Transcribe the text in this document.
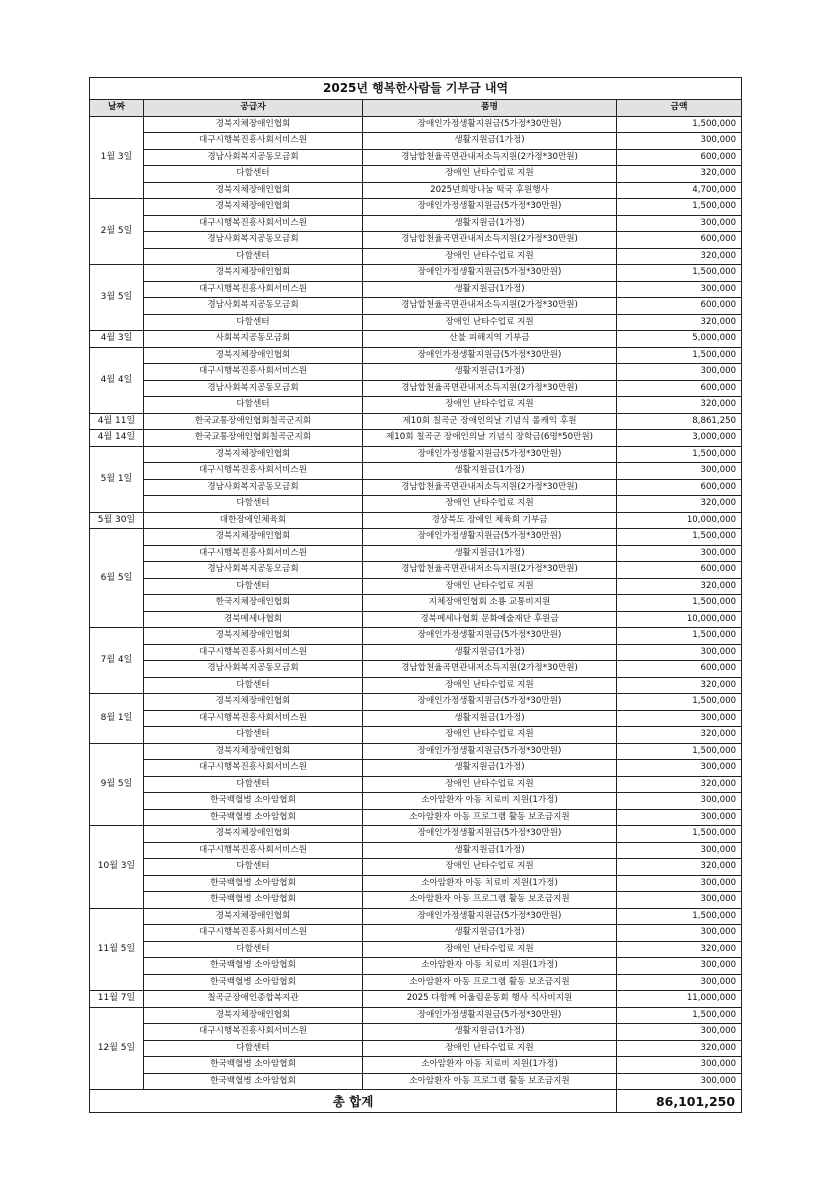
2025년 행복한사람들 기부금 내역			
날짜	공급자	품명	금액
1월 3일	경북지체장애인협회	장애인가정생활지원금(5가정*30만원)	1,500,000
	대구시행복진흥사회서비스원	생활지원금(1가정)	300,000
	경남사회복지공동모금회	경남합천율곡면관내저소득지원(2가정*30만원)	600,000
	다함센터	장애인 난타수업료 지원	320,000
	경북지체장애인협회	2025년희망나눔 떡국 후원행사	4,700,000
2월 5일	경북지체장애인협회	장애인가정생활지원금(5가정*30만원)	1,500,000
	대구시행복진흥사회서비스원	생활지원금(1가정)	300,000
	경남사회복지공동모금회	경남합천율곡면관내저소득지원(2가정*30만원)	600,000
	다함센터	장애인 난타수업료 지원	320,000
3월 5일	경북지체장애인협회	장애인가정생활지원금(5가정*30만원)	1,500,000
	대구시행복진흥사회서비스원	생활지원금(1가정)	300,000
	경남사회복지공동모금회	경남합천율곡면관내저소득지원(2가정*30만원)	600,000
	다함센터	장애인 난타수업료 지원	320,000
4월 3일	사회복지공동모금회	산불 피해지역 기부금	5,000,000
4월 4일	경북지체장애인협회	장애인가정생활지원금(5가정*30만원)	1,500,000
	대구시행복진흥사회서비스원	생활지원금(1가정)	300,000
	경남사회복지공동모금회	경남합천율곡면관내저소득지원(2가정*30만원)	600,000
	다함센터	장애인 난타수업료 지원	320,000
4월 11일	한국교통장애인협회칠곡군지회	제10회 칠곡군 장애인의날 기념식 롤케익 후원	8,861,250
4월 14일	한국교통장애인협회칠곡군지회	제10회 칠곡군 장애인의날 기념식 장학금(6명*50만원)	3,000,000
5월 1일	경북지체장애인협회	장애인가정생활지원금(5가정*30만원)	1,500,000
	대구시행복진흥사회서비스원	생활지원금(1가정)	300,000
	경남사회복지공동모금회	경남합천율곡면관내저소득지원(2가정*30만원)	600,000
	다함센터	장애인 난타수업료 지원	320,000
5월 30일	대한장애인체육회	경상북도 장애인 체육회 기부금	10,000,000
6월 5일	경북지체장애인협회	장애인가정생활지원금(5가정*30만원)	1,500,000
	대구시행복진흥사회서비스원	생활지원금(1가정)	300,000
	경남사회복지공동모금회	경남합천율곡면관내저소득지원(2가정*30만원)	600,000
	다함센터	장애인 난타수업료 지원	320,000
	한국지체장애인협회	지체장애인협회 소룡 교통비지원	1,500,000
	경북메세나협회	경북메세나협회 문화예술재단 후원금	10,000,000
7월 4일	경북지체장애인협회	장애인가정생활지원금(5가정*30만원)	1,500,000
	대구시행복진흥사회서비스원	생활지원금(1가정)	300,000
	경남사회복지공동모금회	경남합천율곡면관내저소득지원(2가정*30만원)	600,000
	다함센터	장애인 난타수업료 지원	320,000
8월 1일	경북지체장애인협회	장애인가정생활지원금(5가정*30만원)	1,500,000
	대구시행복진흥사회서비스원	생활지원금(1가정)	300,000
	다함센터	장애인 난타수업료 지원	320,000
9월 5일	경북지체장애인협회	장애인가정생활지원금(5가정*30만원)	1,500,000
	대구시행복진흥사회서비스원	생활지원금(1가정)	300,000
	다함센터	장애인 난타수업료 지원	320,000
	한국백혈병 소아암협회	소아암환자 아동 치료비 지원(1가정)	300,000
	한국백혈병 소아암협회	소아암환자 아동 프로그램 활동 보조금지원	300,000
10월 3일	경북지체장애인협회	장애인가정생활지원금(5가정*30만원)	1,500,000
	대구시행복진흥사회서비스원	생활지원금(1가정)	300,000
	다함센터	장애인 난타수업료 지원	320,000
	한국백혈병 소아암협회	소아암환자 아동 치료비 지원(1가정)	300,000
	한국백혈병 소아암협회	소아암환자 아동 프로그램 활동 보조금지원	300,000
11월 5일	경북지체장애인협회	장애인가정생활지원금(5가정*30만원)	1,500,000
	대구시행복진흥사회서비스원	생활지원금(1가정)	300,000
	다함센터	장애인 난타수업료 지원	320,000
	한국백혈병 소아암협회	소아암환자 아동 치료비 지원(1가정)	300,000
	한국백혈병 소아암협회	소아암환자 아동 프로그램 활동 보조금지원	300,000
11월 7일	칠곡군장애인종합복지관	2025 다함께 어울림운동회 행사 식사비지원	11,000,000
12월 5일	경북지체장애인협회	장애인가정생활지원금(5가정*30만원)	1,500,000
	대구시행복진흥사회서비스원	생활지원금(1가정)	300,000
	다함센터	장애인 난타수업료 지원	320,000
	한국백혈병 소아암협회	소아암환자 아동 치료비 지원(1가정)	300,000
	한국백혈병 소아암협회	소아암환자 아동 프로그램 활동 보조금지원	300,000
총 합계			86,101,250
